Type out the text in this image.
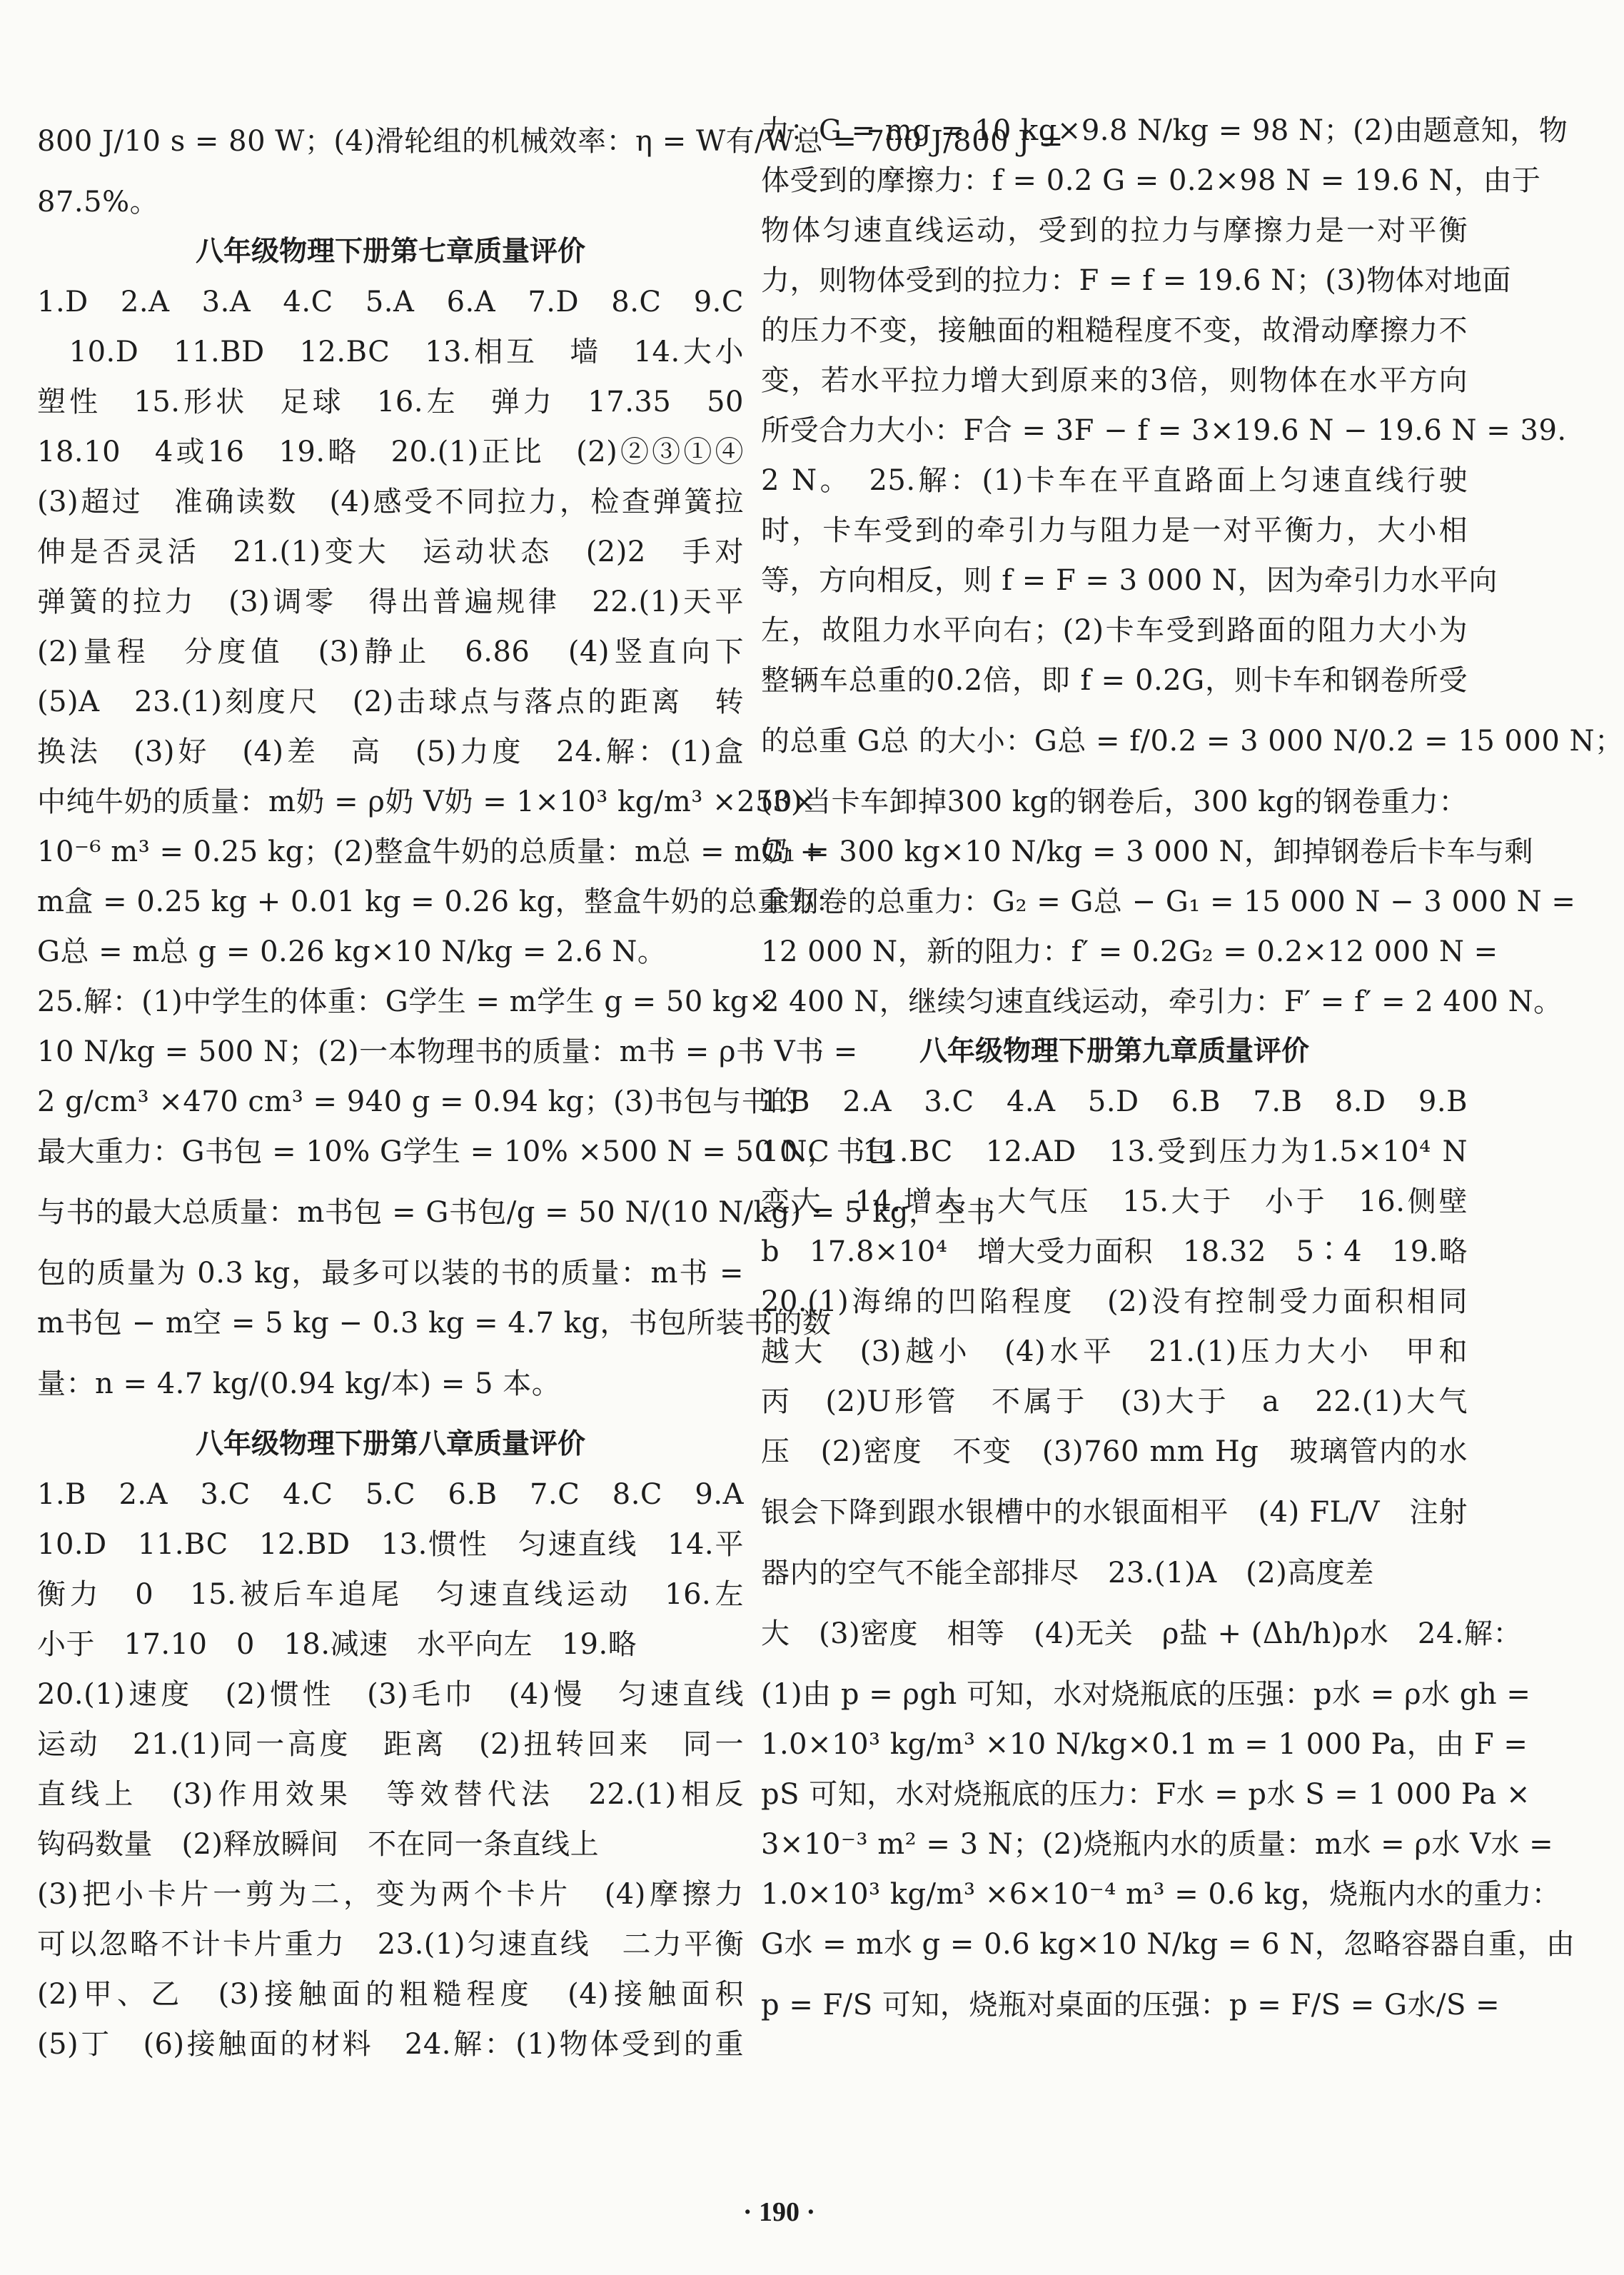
800 J/10 s = 80 W；(4)滑轮组的机械效率：η = W有/W总 = 700 J/800 J =
87.5%。
八年级物理下册第七章质量评价
1.D　2.A　3.A　4.C　5.A　6.A　7.D　8.C　9.C
　10.D　11.BD　12.BC　13.相互　墙　14.大小
塑性　15.形状　足球　16.左　弹力　17.35　50
18.10　4或16　19.略　20.(1)正比　(2)②③①④
(3)超过　准确读数　(4)感受不同拉力，检查弹簧拉
伸是否灵活　21.(1)变大　运动状态　(2)2　手对
弹簧的拉力　(3)调零　得出普遍规律　22.(1)天平
(2)量程　分度值　(3)静止　6.86　(4)竖直向下
(5)A　23.(1)刻度尺　(2)击球点与落点的距离　转
换法　(3)好　(4)差　高　(5)力度　24.解：(1)盒
中纯牛奶的质量：m奶 = ρ奶 V奶 = 1×10³ kg/m³ ×250×
10⁻⁶ m³ = 0.25 kg；(2)整盒牛奶的总质量：m总 = m奶 +
m盒 = 0.25 kg + 0.01 kg = 0.26 kg，整盒牛奶的总重力：
G总 = m总 g = 0.26 kg×10 N/kg = 2.6 N。
25.解：(1)中学生的体重：G学生 = m学生 g = 50 kg×
10 N/kg = 500 N；(2)一本物理书的质量：m书 = ρ书 V书 =
2 g/cm³ ×470 cm³ = 940 g = 0.94 kg；(3)书包与书的
最大重力：G书包 = 10% G学生 = 10% ×500 N = 50 N，书包
与书的最大总质量：m书包 = G书包/g = 50 N/(10 N/kg) = 5 kg，空书
包的质量为 0.3 kg，最多可以装的书的质量：m书 =
m书包 − m空 = 5 kg − 0.3 kg = 4.7 kg，书包所装书的数
量：n = 4.7 kg/(0.94 kg/本) = 5 本。
八年级物理下册第八章质量评价
1.B　2.A　3.C　4.C　5.C　6.B　7.C　8.C　9.A
10.D　11.BC　12.BD　13.惯性　匀速直线　14.平
衡力　0　15.被后车追尾　匀速直线运动　16.左
小于　17.10　0　18.减速　水平向左　19.略
20.(1)速度　(2)惯性　(3)毛巾　(4)慢　匀速直线
运动　21.(1)同一高度　距离　(2)扭转回来　同一
直线上　(3)作用效果　等效替代法　22.(1)相反
钩码数量　(2)释放瞬间　不在同一条直线上
(3)把小卡片一剪为二，变为两个卡片　(4)摩擦力
可以忽略不计卡片重力　23.(1)匀速直线　二力平衡
(2)甲、乙　(3)接触面的粗糙程度　(4)接触面积
(5)丁　(6)接触面的材料　24.解：(1)物体受到的重
力：G = mg = 10 kg×9.8 N/kg = 98 N；(2)由题意知，物
体受到的摩擦力：f = 0.2 G = 0.2×98 N = 19.6 N，由于
物体匀速直线运动，受到的拉力与摩擦力是一对平衡
力，则物体受到的拉力：F = f = 19.6 N；(3)物体对地面
的压力不变，接触面的粗糙程度不变，故滑动摩擦力不
变，若水平拉力增大到原来的3倍，则物体在水平方向
所受合力大小：F合 = 3F − f = 3×19.6 N − 19.6 N = 39.
2 N。　25.解：(1)卡车在平直路面上匀速直线行驶
时，卡车受到的牵引力与阻力是一对平衡力，大小相
等，方向相反，则 f = F = 3 000 N，因为牵引力水平向
左，故阻力水平向右；(2)卡车受到路面的阻力大小为
整辆车总重的0.2倍，即 f = 0.2G，则卡车和钢卷所受
的总重 G总 的大小：G总 = f/0.2 = 3 000 N/0.2 = 15 000 N；
(3)当卡车卸掉300 kg的钢卷后，300 kg的钢卷重力：
G₁ = 300 kg×10 N/kg = 3 000 N，卸掉钢卷后卡车与剩
余钢卷的总重力：G₂ = G总 − G₁ = 15 000 N − 3 000 N =
12 000 N，新的阻力：f′ = 0.2G₂ = 0.2×12 000 N =
2 400 N，继续匀速直线运动，牵引力：F′ = f′ = 2 400 N。
八年级物理下册第九章质量评价
1.B　2.A　3.C　4.A　5.D　6.B　7.B　8.D　9.B
10.C　11.BC　12.AD　13.受到压力为1.5×10⁴ N
变大　14.增大　大气压　15.大于　小于　16.侧壁
b　17.8×10⁴　增大受力面积　18.32　5∶4　19.略
20.(1)海绵的凹陷程度　(2)没有控制受力面积相同
越大　(3)越小　(4)水平　21.(1)压力大小　甲和
丙　(2)U形管　不属于　(3)大于　a　22.(1)大气
压　(2)密度　不变　(3)760 mm Hg　玻璃管内的水
银会下降到跟水银槽中的水银面相平　(4) FL/V　注射
器内的空气不能全部排尽　23.(1)A　(2)高度差
大　(3)密度　相等　(4)无关　ρ盐 + (Δh/h)ρ水　24.解：
(1)由 p = ρgh 可知，水对烧瓶底的压强：p水 = ρ水 gh =
1.0×10³ kg/m³ ×10 N/kg×0.1 m = 1 000 Pa，由 F =
pS 可知，水对烧瓶底的压力：F水 = p水 S = 1 000 Pa ×
3×10⁻³ m² = 3 N；(2)烧瓶内水的质量：m水 = ρ水 V水 =
1.0×10³ kg/m³ ×6×10⁻⁴ m³ = 0.6 kg，烧瓶内水的重力：
G水 = m水 g = 0.6 kg×10 N/kg = 6 N，忽略容器自重，由
p = F/S 可知，烧瓶对桌面的压强：p = F/S = G水/S =
· 190 ·
